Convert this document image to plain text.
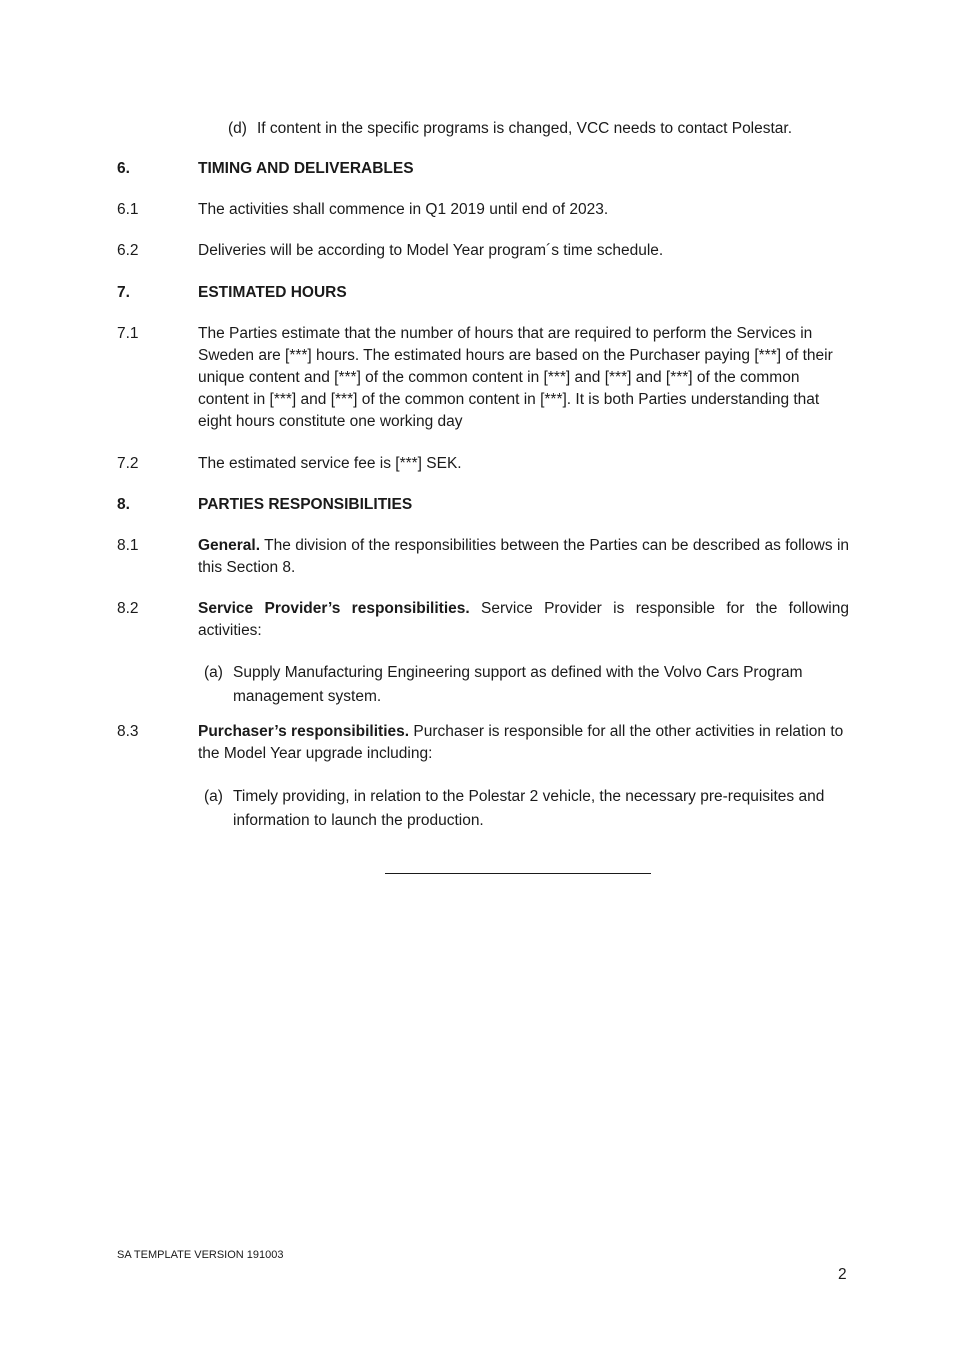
(d) If content in the specific programs is changed, VCC needs to contact Polestar.
6.	TIMING AND DELIVERABLES
6.1	The activities shall commence in Q1 2019 until end of 2023.
6.2	Deliveries will be according to Model Year program´s time schedule.
7.	ESTIMATED HOURS
7.1	The Parties estimate that the number of hours that are required to perform the Services in Sweden are [***] hours. The estimated hours are based on the Purchaser paying [***] of their unique content and [***] of the common content in [***] and [***] and [***] of the common content in [***] and [***] of the common content in [***]. It is both Parties understanding that eight hours constitute one working day
7.2	The estimated service fee is [***] SEK.
8.	PARTIES RESPONSIBILITIES
8.1	General. The division of the responsibilities between the Parties can be described as follows in this Section 8.
8.2	Service Provider’s responsibilities. Service Provider is responsible for the following activities:
(a) Supply Manufacturing Engineering support as defined with the Volvo Cars Program management system.
8.3	Purchaser’s responsibilities. Purchaser is responsible for all the other activities in relation to the Model Year upgrade including:
(a) Timely providing, in relation to the Polestar 2 vehicle, the necessary pre-requisites and information to launch the production.
SA TEMPLATE VERSION 191003
2
